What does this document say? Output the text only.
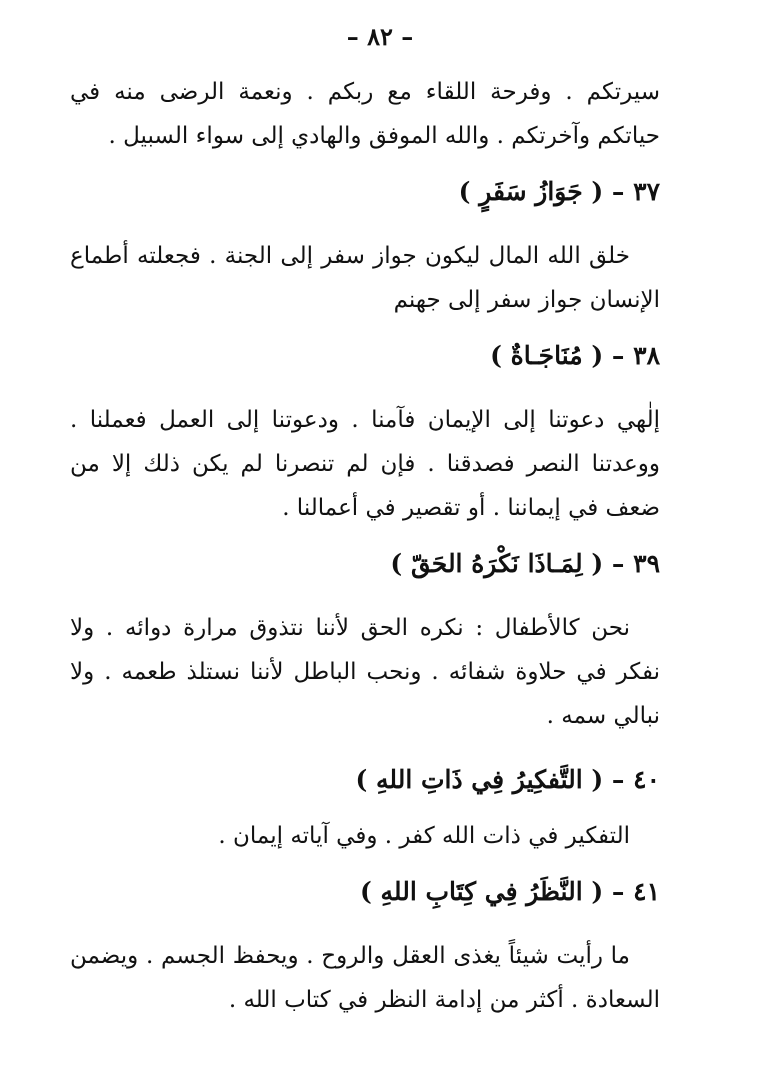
– ٨٢ –

سيرتكم . وفرحة اللقاء مع ربكم . ونعمة الرضى منه في حياتكم وآخرتكم . والله الموفق والهادي إلى سواء السبيل .

٣٧ – ( جَوَازُ سَفَرٍ )

خلق الله المال ليكون جواز سفر إلى الجنة . فجعلته أطماع الإنسان جواز سفر إلى جهنم

٣٨ – ( مُنَاجَـاةٌ )

إلٰهي دعوتنا إلى الإيمان فآمنا . ودعوتنا إلى العمل فعملنا . ووعدتنا النصر فصدقنا . فإن لم تنصرنا لم يكن ذلك إلا من ضعف في إيماننا . أو تقصير في أعمالنا .

٣٩ – ( لِمَـاذَا نَكْرَهُ الحَقّ )

نحن كالأطفال : نكره الحق لأننا نتذوق مرارة دوائه . ولا نفكر في حلاوة شفائه . ونحب الباطل لأننا نستلذ طعمه . ولا نبالي سمه .

٤٠ – ( التَّفكِيرُ فِي ذَاتِ اللهِ )

التفكير في ذات الله كفر . وفي آياته إيمان .

٤١ – ( النَّظَرُ فِي كِتَابِ اللهِ )

ما رأيت شيئاً يغذى العقل والروح . ويحفظ الجسم . ويضمن السعادة . أكثر من إدامة النظر في كتاب الله .
